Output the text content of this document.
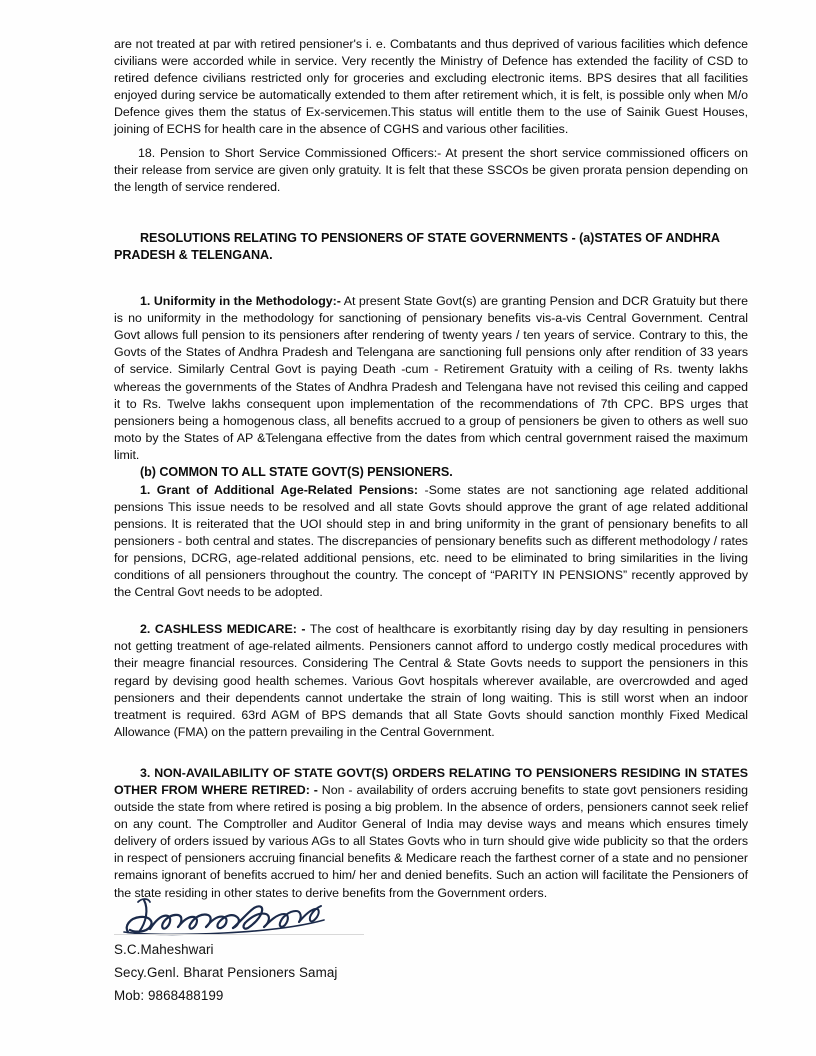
are not treated at par with retired pensioner's i. e. Combatants and thus deprived of various facilities which defence civilians were accorded while in service. Very recently the Ministry of Defence has extended the facility of CSD to retired defence civilians restricted only for groceries and excluding electronic items. BPS desires that all facilities enjoyed during service be automatically extended to them after retirement which, it is felt, is possible only when M/o Defence gives them the status of Ex-servicemen.This status will entitle them to the use of Sainik Guest Houses, joining of ECHS for health care in the absence of CGHS and various other facilities.

18. Pension to Short Service Commissioned Officers:- At present the short service commissioned officers on their release from service are given only gratuity. It is felt that these SSCOs be given prorata pension depending on the length of service rendered.

RESOLUTIONS RELATING TO PENSIONERS OF STATE GOVERNMENTS - (a)STATES OF ANDHRA PRADESH & TELENGANA.

1. Uniformity in the Methodology:- At present State Govt(s) are granting Pension and DCR Gratuity but there is no uniformity in the methodology for sanctioning of pensionary benefits vis-a-vis Central Government. Central Govt allows full pension to its pensioners after rendering of twenty years / ten years of service. Contrary to this, the Govts of the States of Andhra Pradesh and Telengana are sanctioning full pensions only after rendition of 33 years of service. Similarly Central Govt is paying Death -cum - Retirement Gratuity with a ceiling of Rs. twenty lakhs whereas the governments of the States of Andhra Pradesh and Telengana have not revised this ceiling and capped it to Rs. Twelve lakhs consequent upon implementation of the recommendations of 7th CPC. BPS urges that pensioners being a homogenous class, all benefits accrued to a group of pensioners be given to others as well suo moto by the States of AP &Telengana effective from the dates from which central government raised the maximum limit.

(b) COMMON TO ALL STATE GOVT(S) PENSIONERS.

1. Grant of Additional Age-Related Pensions: -Some states are not sanctioning age related additional pensions This issue needs to be resolved and all state Govts should approve the grant of age related additional pensions. It is reiterated that the UOI should step in and bring uniformity in the grant of pensionary benefits to all pensioners - both central and states. The discrepancies of pensionary benefits such as different methodology / rates for pensions, DCRG, age-related additional pensions, etc. need to be eliminated to bring similarities in the living conditions of all pensioners throughout the country. The concept of “PARITY IN PENSIONS” recently approved by the Central Govt needs to be adopted.

2. CASHLESS MEDICARE: - The cost of healthcare is exorbitantly rising day by day resulting in pensioners not getting treatment of age-related ailments. Pensioners cannot afford to undergo costly medical procedures with their meagre financial resources. Considering The Central & State Govts needs to support the pensioners in this regard by devising good health schemes. Various Govt hospitals wherever available, are overcrowded and aged pensioners and their dependents cannot undertake the strain of long waiting. This is still worst when an indoor treatment is required. 63rd AGM of BPS demands that all State Govts should sanction monthly Fixed Medical Allowance (FMA) on the pattern prevailing in the Central Government.

3. NON-AVAILABILITY OF STATE GOVT(S) ORDERS RELATING TO PENSIONERS RESIDING IN STATES OTHER FROM WHERE RETIRED: - Non - availability of orders accruing benefits to state govt pensioners residing outside the state from where retired is posing a big problem. In the absence of orders, pensioners cannot seek relief on any count. The Comptroller and Auditor General of India may devise ways and means which ensures timely delivery of orders issued by various AGs to all States Govts who in turn should give wide publicity so that the orders in respect of pensioners accruing financial benefits & Medicare reach the farthest corner of a state and no pensioner remains ignorant of benefits accrued to him/ her and denied benefits. Such an action will facilitate the Pensioners of the state residing in other states to derive benefits from the Government orders.

S.C.Maheshwari

Secy.Genl. Bharat Pensioners Samaj

Mob: 9868488199
